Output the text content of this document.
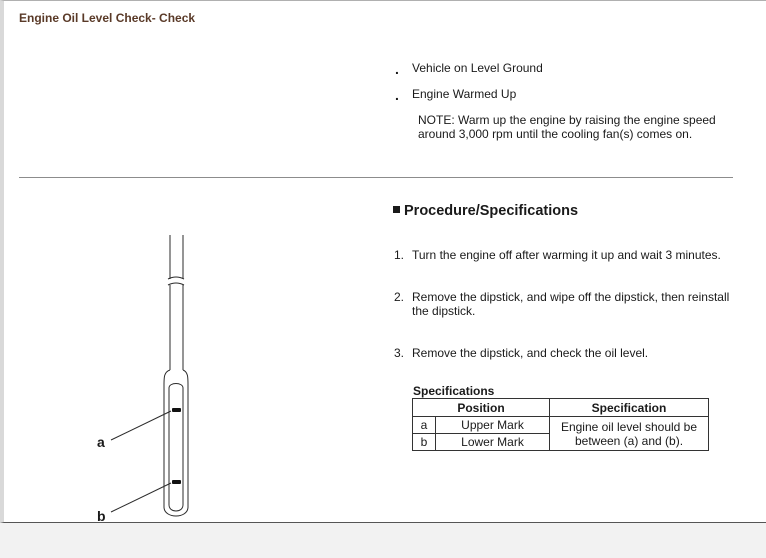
Engine Oil Level Check- Check
. Vehicle on Level Ground
. Engine Warmed Up
NOTE: Warm up the engine by raising the engine speed around 3,000 rpm until the cooling fan(s) comes on.
Procedure/Specifications
1. Turn the engine off after warming it up and wait 3 minutes.
2. Remove the dipstick, and wipe off the dipstick, then reinstall the dipstick.
3. Remove the dipstick, and check the oil level.
Specifications
Position		Specification
a	Upper Mark	Engine oil level should be between (a) and (b).
b	Lower Mark	
a
b
